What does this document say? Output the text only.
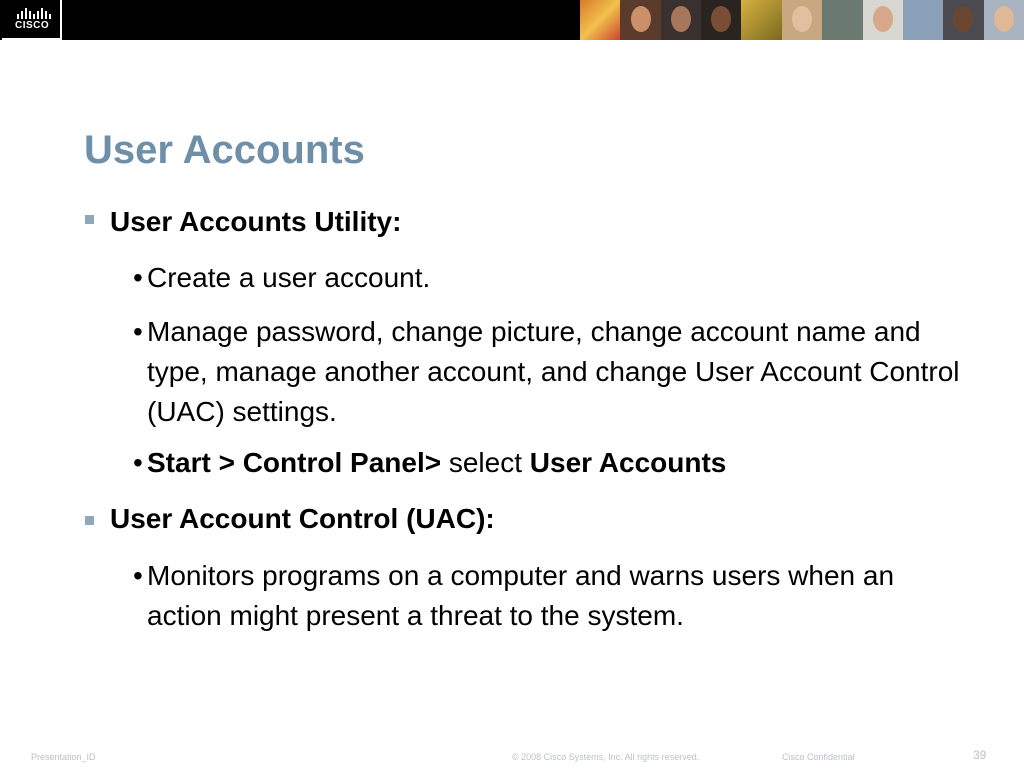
CISCO
User Accounts
User Accounts Utility:
• Create a user account.
• Manage password, change picture, change account name and type, manage another account, and change User Account Control (UAC) settings.
• Start > Control Panel> select User Accounts
User Account Control (UAC):
• Monitors programs on a computer and warns users when an action might present a threat to the system.
Presentation_ID	© 2008 Cisco Systems, Inc. All rights reserved.	Cisco Confidential	39
